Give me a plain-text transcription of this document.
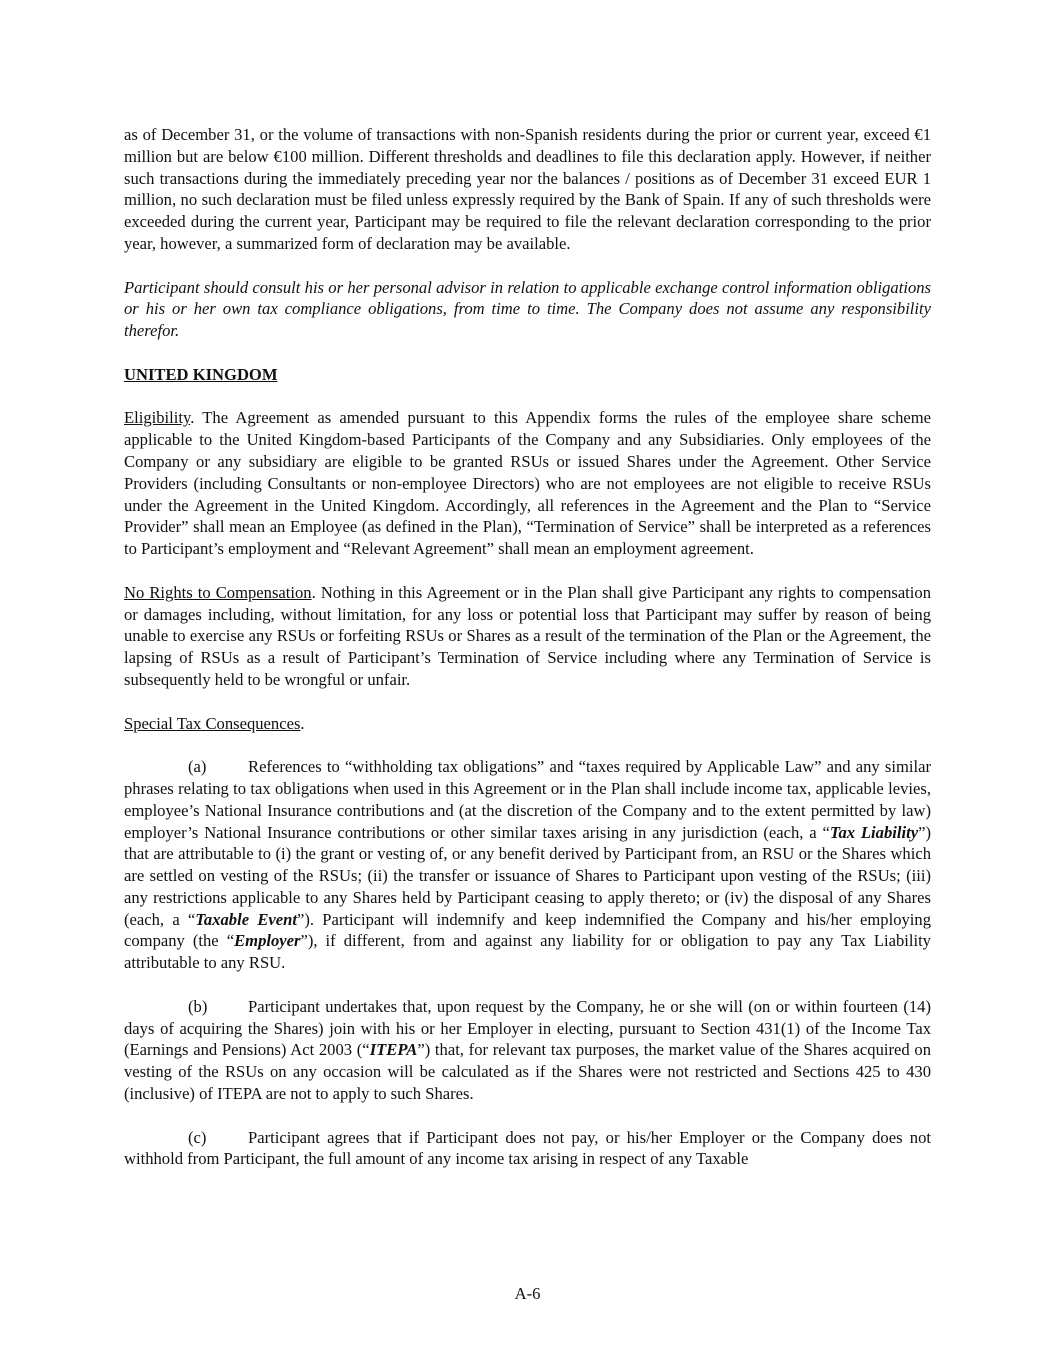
as of December 31, or the volume of transactions with non-Spanish residents during the prior or current year, exceed €1 million but are below €100 million. Different thresholds and deadlines to file this declaration apply. However, if neither such transactions during the immediately preceding year nor the balances / positions as of December 31 exceed EUR 1 million, no such declaration must be filed unless expressly required by the Bank of Spain. If any of such thresholds were exceeded during the current year, Participant may be required to file the relevant declaration corresponding to the prior year, however, a summarized form of declaration may be available.

Participant should consult his or her personal advisor in relation to applicable exchange control information obligations or his or her own tax compliance obligations, from time to time. The Company does not assume any responsibility therefor.

UNITED KINGDOM

Eligibility. The Agreement as amended pursuant to this Appendix forms the rules of the employee share scheme applicable to the United Kingdom-based Participants of the Company and any Subsidiaries. Only employees of the Company or any subsidiary are eligible to be granted RSUs or issued Shares under the Agreement. Other Service Providers (including Consultants or non-employee Directors) who are not employees are not eligible to receive RSUs under the Agreement in the United Kingdom. Accordingly, all references in the Agreement and the Plan to “Service Provider” shall mean an Employee (as defined in the Plan), “Termination of Service” shall be interpreted as a references to Participant’s employment and “Relevant Agreement” shall mean an employment agreement.

No Rights to Compensation. Nothing in this Agreement or in the Plan shall give Participant any rights to compensation or damages including, without limitation, for any loss or potential loss that Participant may suffer by reason of being unable to exercise any RSUs or forfeiting RSUs or Shares as a result of the termination of the Plan or the Agreement, the lapsing of RSUs as a result of Participant’s Termination of Service including where any Termination of Service is subsequently held to be wrongful or unfair.

Special Tax Consequences.

(a)	References to “withholding tax obligations” and “taxes required by Applicable Law” and any similar phrases relating to tax obligations when used in this Agreement or in the Plan shall include income tax, applicable levies, employee’s National Insurance contributions and (at the discretion of the Company and to the extent permitted by law) employer’s National Insurance contributions or other similar taxes arising in any jurisdiction (each, a “Tax Liability”) that are attributable to (i) the grant or vesting of, or any benefit derived by Participant from, an RSU or the Shares which are settled on vesting of the RSUs; (ii) the transfer or issuance of Shares to Participant upon vesting of the RSUs; (iii) any restrictions applicable to any Shares held by Participant ceasing to apply thereto; or (iv) the disposal of any Shares (each, a “Taxable Event”). Participant will indemnify and keep indemnified the Company and his/her employing company (the “Employer”), if different, from and against any liability for or obligation to pay any Tax Liability attributable to any RSU.

(b) Participant undertakes that, upon request by the Company, he or she will (on or within fourteen (14) days of acquiring the Shares) join with his or her Employer in electing, pursuant to Section 431(1) of the Income Tax (Earnings and Pensions) Act 2003 (“ITEPA”) that, for relevant tax purposes, the market value of the Shares acquired on vesting of the RSUs on any occasion will be calculated as if the Shares were not restricted and Sections 425 to 430 (inclusive) of ITEPA are not to apply to such Shares.

(c)	Participant agrees that if Participant does not pay, or his/her Employer or the Company does not withhold from Participant, the full amount of any income tax arising in respect of any Taxable

A-6
